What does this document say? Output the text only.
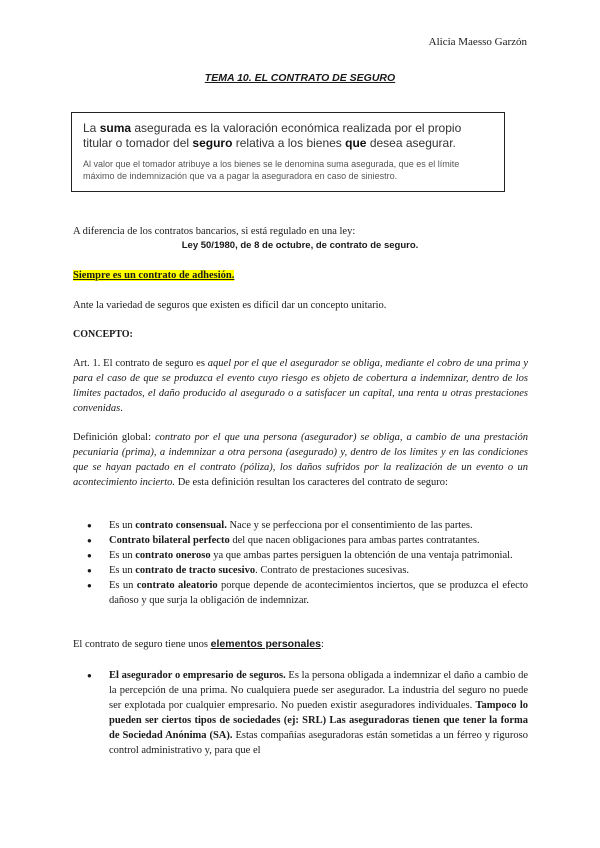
Alicia Maesso Garzón
TEMA 10. EL CONTRATO DE SEGURO
La suma asegurada es la valoración económica realizada por el propio titular o tomador del seguro relativa a los bienes que desea asegurar.
Al valor que el tomador atribuye a los bienes se le denomina suma asegurada, que es el límite máximo de indemnización que va a pagar la aseguradora en caso de siniestro.
A diferencia de los contratos bancarios, si está regulado en una ley:
Ley 50/1980, de 8 de octubre, de contrato de seguro.
Siempre es un contrato de adhesión.
Ante la variedad de seguros que existen es difícil dar un concepto unitario.
CONCEPTO:
Art. 1. El contrato de seguro es aquel por el que el asegurador se obliga, mediante el cobro de una prima y para el caso de que se produzca el evento cuyo riesgo es objeto de cobertura a indemnizar, dentro de los límites pactados, el daño producido al asegurado o a satisfacer un capital, una renta u otras prestaciones convenidas.
Definición global: contrato por el que una persona (asegurador) se obliga, a cambio de una prestación pecuniaria (prima), a indemnizar a otra persona (asegurado) y, dentro de los límites y en las condiciones que se hayan pactado en el contrato (póliza), los daños sufridos por la realización de un evento o un acontecimiento incierto. De esta definición resultan los caracteres del contrato de seguro:
● Es un contrato consensual. Nace y se perfecciona por el consentimiento de las partes.
● Contrato bilateral perfecto del que nacen obligaciones para ambas partes contratantes.
● Es un contrato oneroso ya que ambas partes persiguen la obtención de una ventaja patrimonial.
● Es un contrato de tracto sucesivo. Contrato de prestaciones sucesivas.
● Es un contrato aleatorio porque depende de acontecimientos inciertos, que se produzca el efecto dañoso y que surja la obligación de indemnizar.
El contrato de seguro tiene unos elementos personales:
● El asegurador o empresario de seguros. Es la persona obligada a indemnizar el daño a cambio de la percepción de una prima. No cualquiera puede ser asegurador. La industria del seguro no puede ser explotada por cualquier empresario. No pueden existir aseguradores individuales. Tampoco lo pueden ser ciertos tipos de sociedades (ej: SRL) Las aseguradoras tienen que tener la forma de Sociedad Anónima (SA). Estas compañías aseguradoras están sometidas a un férreo y riguroso control administrativo y, para que el
